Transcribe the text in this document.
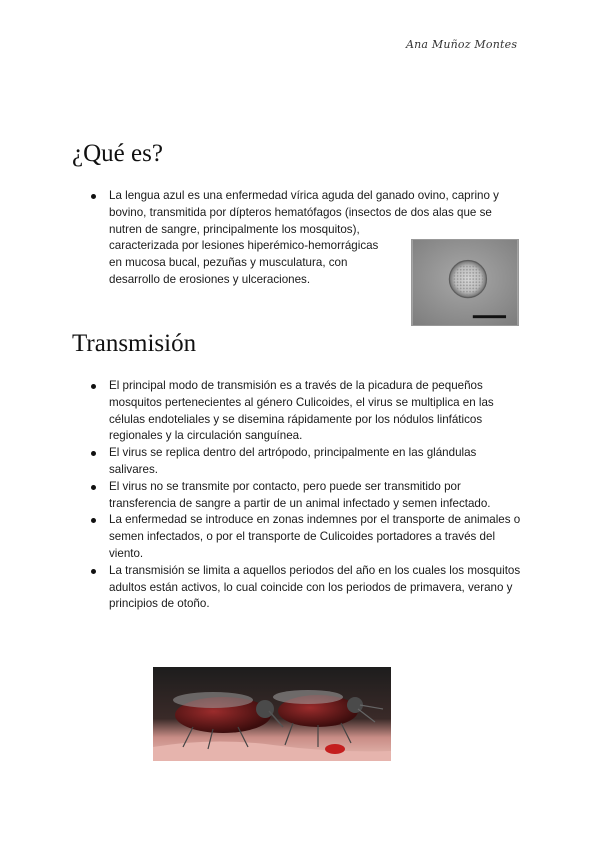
Ana Muñoz Montes
¿Qué es?
La lengua azul es una enfermedad vírica aguda del ganado ovino, caprino y bovino, transmitida por dípteros hematófagos (insectos de dos alas que se nutren de sangre, principalmente los mosquitos),
caracterizada por lesiones hiperémico-hemorrágicas
en mucosa bucal, pezuñas y musculatura, con
desarrollo de erosiones y ulceraciones.
Transmisión
El principal modo de transmisión es a través de la picadura de pequeños mosquitos pertenecientes al género Culicoides, el virus se multiplica en las células endoteliales y se disemina rápidamente por los nódulos linfáticos regionales y la circulación sanguínea.
El virus se replica dentro del artrópodo, principalmente en las glándulas salivares.
El virus no se transmite por contacto, pero puede ser transmitido por transferencia de sangre a partir de un animal infectado y semen infectado.
La enfermedad se introduce en zonas indemnes por el transporte de animales o semen infectados, o por el transporte de Culicoides portadores a través del viento.
La transmisión se limita a aquellos periodos del año en los cuales los mosquitos adultos están activos, lo cual coincide con los periodos de primavera, verano y principios de otoño.
